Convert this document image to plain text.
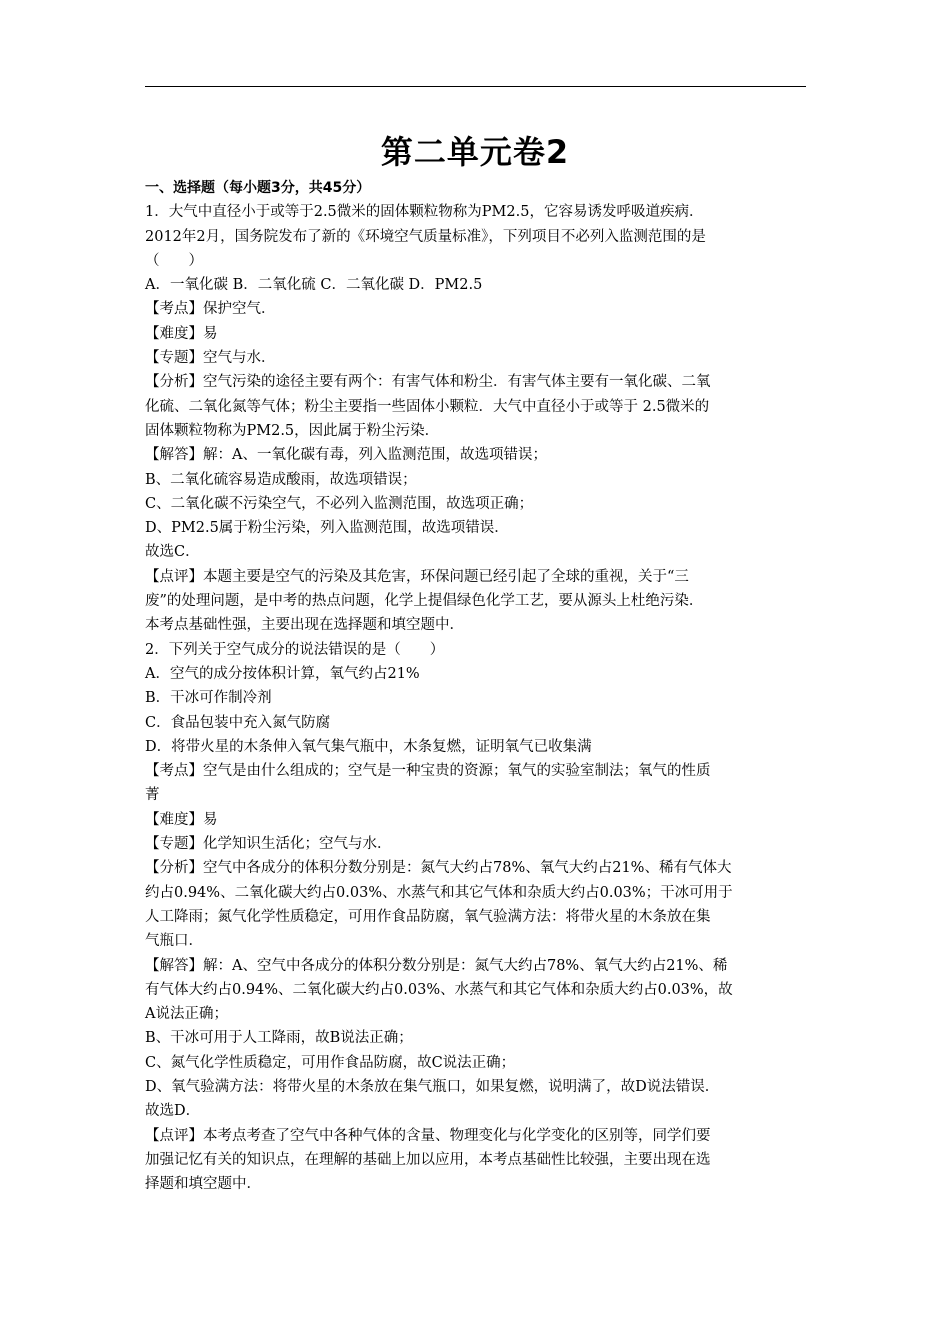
第二单元卷2
一、选择题（每小题3分，共45分）
1．大气中直径小于或等于2.5微米的固体颗粒物称为PM2.5，它容易诱发呼吸道疾病．
2012年2月，国务院发布了新的《环境空气质量标准》，下列项目不必列入监测范围的是
（　　）
A．一氧化碳 B．二氧化硫 C．二氧化碳 D．PM2.5
【考点】保护空气．
【难度】易
【专题】空气与水．
【分析】空气污染的途径主要有两个：有害气体和粉尘．有害气体主要有一氧化碳、二氧
化硫、二氧化氮等气体；粉尘主要指一些固体小颗粒．大气中直径小于或等于 2.5微米的
固体颗粒物称为PM2.5，因此属于粉尘污染．
【解答】解：A、一氧化碳有毒，列入监测范围，故选项错误；
B、二氧化硫容易造成酸雨，故选项错误；
C、二氧化碳不污染空气，不必列入监测范围，故选项正确；
D、PM2.5属于粉尘污染，列入监测范围，故选项错误．
故选C．
【点评】本题主要是空气的污染及其危害，环保问题已经引起了全球的重视，关于“三
废”的处理问题，是中考的热点问题，化学上提倡绿色化学工艺，要从源头上杜绝污染．
本考点基础性强，主要出现在选择题和填空题中．
2．下列关于空气成分的说法错误的是（　　）
A．空气的成分按体积计算，氧气约占21%
B．干冰可作制冷剂
C．食品包装中充入氮气防腐
D．将带火星的木条伸入氧气集气瓶中，木条复燃，证明氧气已收集满
【考点】空气是由什么组成的；空气是一种宝贵的资源；氧气的实验室制法；氧气的性质
菁
【难度】易
【专题】化学知识生活化；空气与水．
【分析】空气中各成分的体积分数分别是：氮气大约占78%、氧气大约占21%、稀有气体大
约占0.94%、二氧化碳大约占0.03%、水蒸气和其它气体和杂质大约占0.03%；干冰可用于
人工降雨；氮气化学性质稳定，可用作食品防腐，氧气验满方法：将带火星的木条放在集
气瓶口．
【解答】解：A、空气中各成分的体积分数分别是：氮气大约占78%、氧气大约占21%、稀
有气体大约占0.94%、二氧化碳大约占0.03%、水蒸气和其它气体和杂质大约占0.03%，故
A说法正确；
B、干冰可用于人工降雨，故B说法正确；
C、氮气化学性质稳定，可用作食品防腐，故C说法正确；
D、氧气验满方法：将带火星的木条放在集气瓶口，如果复燃，说明满了，故D说法错误．
故选D．
【点评】本考点考查了空气中各种气体的含量、物理变化与化学变化的区别等，同学们要
加强记忆有关的知识点，在理解的基础上加以应用，本考点基础性比较强，主要出现在选
择题和填空题中．
